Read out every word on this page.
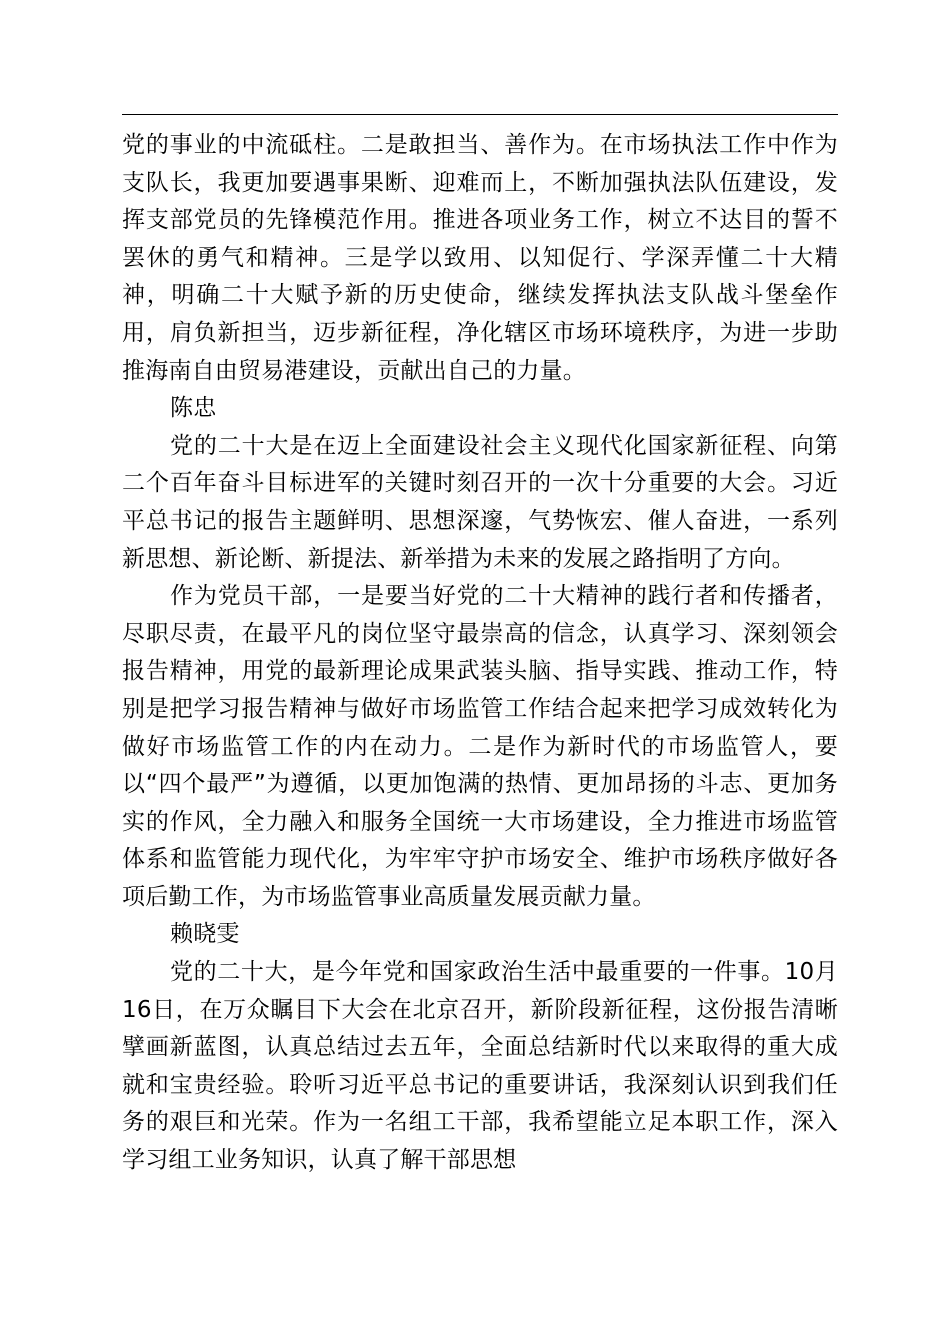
党的事业的中流砥柱。二是敢担当、善作为。在市场执法工作中作为支队长，我更加要遇事果断、迎难而上，不断加强执法队伍建设，发挥支部党员的先锋模范作用。推进各项业务工作，树立不达目的誓不罢休的勇气和精神。三是学以致用、以知促行、学深弄懂二十大精神，明确二十大赋予新的历史使命，继续发挥执法支队战斗堡垒作用，肩负新担当，迈步新征程，净化辖区市场环境秩序，为进一步助推海南自由贸易港建设，贡献出自己的力量。

陈忠

党的二十大是在迈上全面建设社会主义现代化国家新征程、向第二个百年奋斗目标进军的关键时刻召开的一次十分重要的大会。习近平总书记的报告主题鲜明、思想深邃，气势恢宏、催人奋进，一系列新思想、新论断、新提法、新举措为未来的发展之路指明了方向。

作为党员干部，一是要当好党的二十大精神的践行者和传播者，尽职尽责，在最平凡的岗位坚守最崇高的信念，认真学习、深刻领会报告精神，用党的最新理论成果武装头脑、指导实践、推动工作，特别是把学习报告精神与做好市场监管工作结合起来把学习成效转化为做好市场监管工作的内在动力。二是作为新时代的市场监管人，要以“四个最严”为遵循，以更加饱满的热情、更加昂扬的斗志、更加务实的作风，全力融入和服务全国统一大市场建设，全力推进市场监管体系和监管能力现代化，为牢牢守护市场安全、维护市场秩序做好各项后勤工作，为市场监管事业高质量发展贡献力量。

赖晓雯

党的二十大，是今年党和国家政治生活中最重要的一件事。10月16日，在万众瞩目下大会在北京召开，新阶段新征程，这份报告清晰擘画新蓝图，认真总结过去五年，全面总结新时代以来取得的重大成就和宝贵经验。聆听习近平总书记的重要讲话，我深刻认识到我们任务的艰巨和光荣。作为一名组工干部，我希望能立足本职工作，深入学习组工业务知识，认真了解干部思想
